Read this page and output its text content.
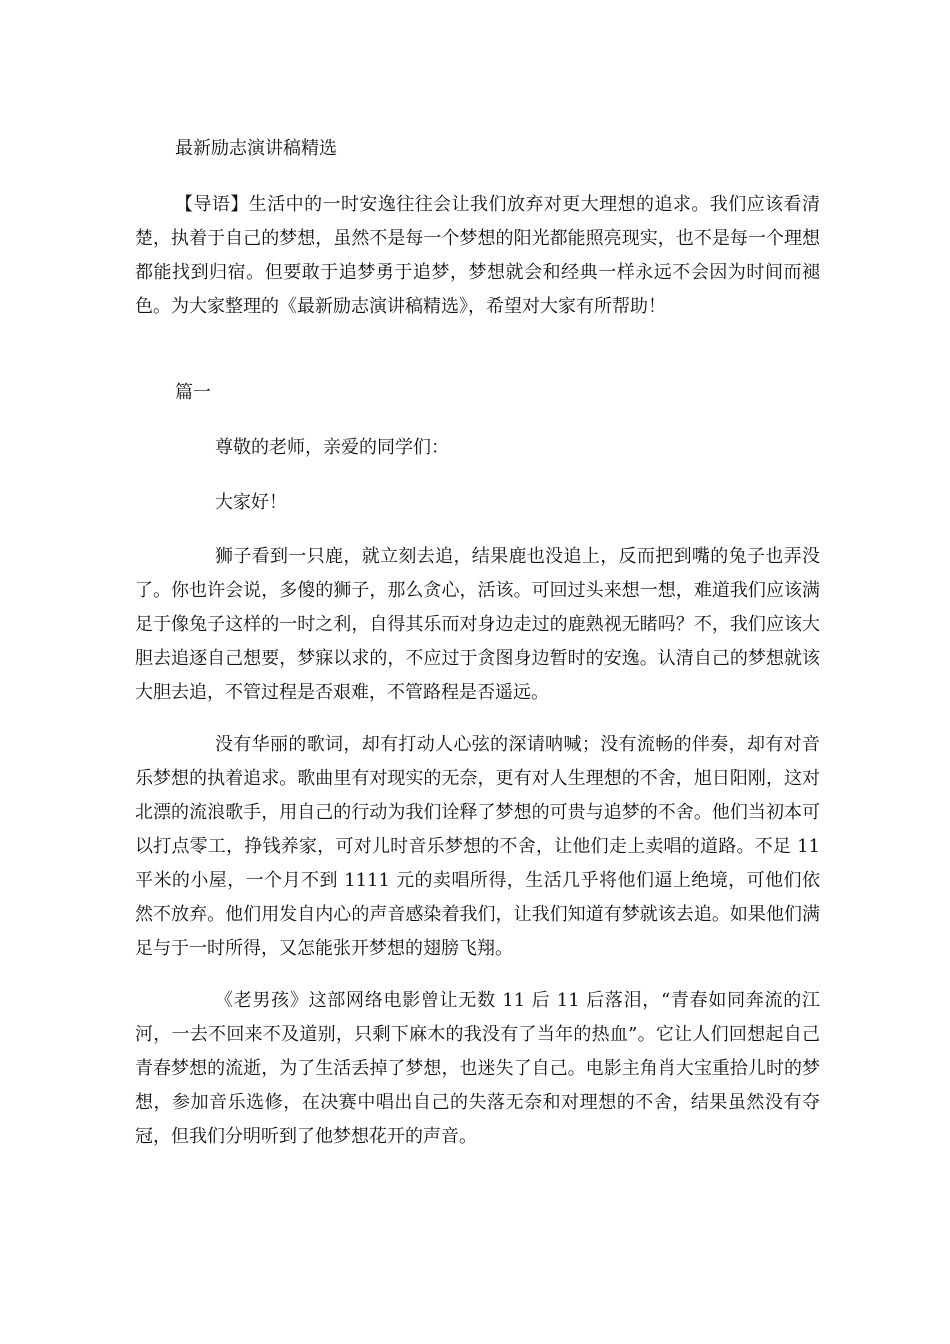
最新励志演讲稿精选

【导语】生活中的一时安逸往往会让我们放弃对更大理想的追求。我们应该看清楚，执着于自己的梦想，虽然不是每一个梦想的阳光都能照亮现实，也不是每一个理想都能找到归宿。但要敢于追梦勇于追梦，梦想就会和经典一样永远不会因为时间而褪色。为大家整理的《最新励志演讲稿精选》，希望对大家有所帮助！

篇一

尊敬的老师，亲爱的同学们：

大家好！

狮子看到一只鹿，就立刻去追，结果鹿也没追上，反而把到嘴的兔子也弄没了。你也许会说，多傻的狮子，那么贪心，活该。可回过头来想一想，难道我们应该满足于像兔子这样的一时之利，自得其乐而对身边走过的鹿熟视无睹吗？不，我们应该大胆去追逐自己想要，梦寐以求的，不应过于贪图身边暂时的安逸。认清自己的梦想就该大胆去追，不管过程是否艰难，不管路程是否遥远。

没有华丽的歌词，却有打动人心弦的深请呐喊；没有流畅的伴奏，却有对音乐梦想的执着追求。歌曲里有对现实的无奈，更有对人生理想的不舍，旭日阳刚，这对北漂的流浪歌手，用自己的行动为我们诠释了梦想的可贵与追梦的不舍。他们当初本可以打点零工，挣钱养家，可对儿时音乐梦想的不舍，让他们走上卖唱的道路。不足 11 平米的小屋，一个月不到 1111 元的卖唱所得，生活几乎将他们逼上绝境，可他们依然不放弃。他们用发自内心的声音感染着我们，让我们知道有梦就该去追。如果他们满足与于一时所得，又怎能张开梦想的翅膀飞翔。

《老男孩》这部网络电影曾让无数 11 后 11 后落泪，“青春如同奔流的江河，一去不回来不及道别，只剩下麻木的我没有了当年的热血”。它让人们回想起自己青春梦想的流逝，为了生活丢掉了梦想，也迷失了自己。电影主角肖大宝重拾儿时的梦想，参加音乐选修，在决赛中唱出自己的失落无奈和对理想的不舍，结果虽然没有夺冠，但我们分明听到了他梦想花开的声音。
